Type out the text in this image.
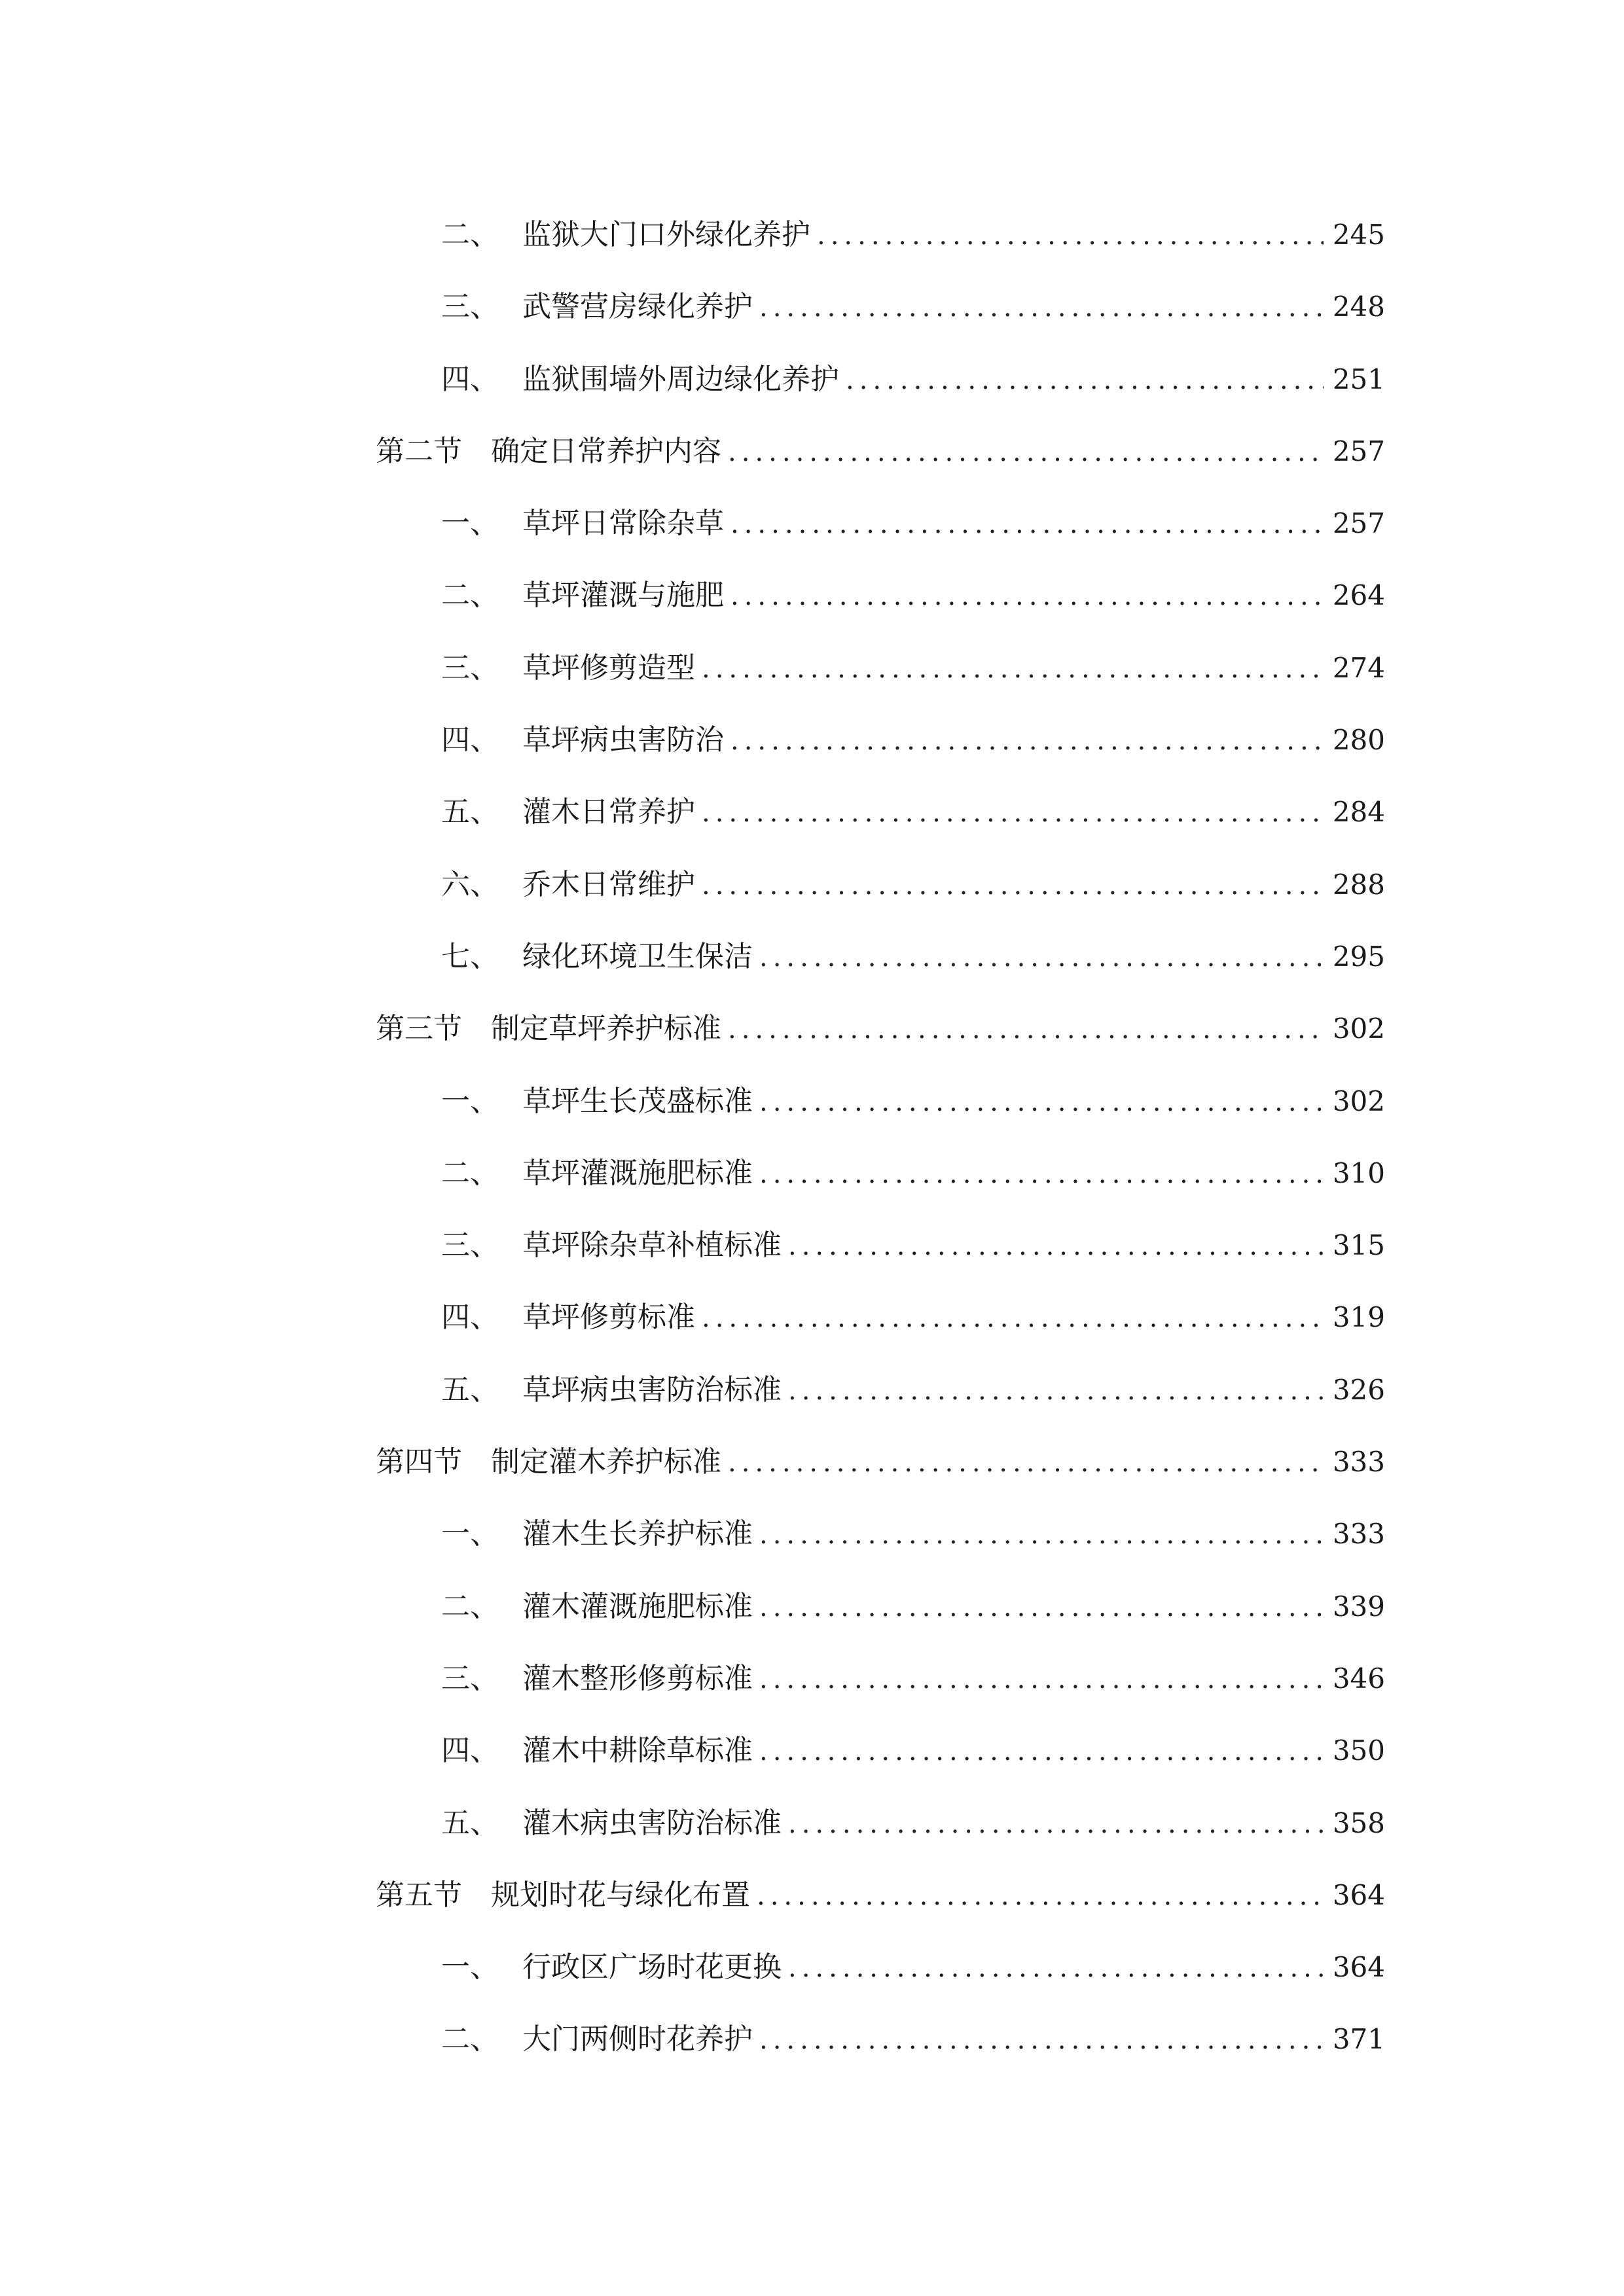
二、 监狱大门口外绿化养护 .....	245
三、 武警营房绿化养护 .....	248
四、 监狱围墙外周边绿化养护 .....	251
第二节	确定日常养护内容 .....	257
一、 草坪日常除杂草 .....	257
二、 草坪灌溉与施肥 .....	264
三、 草坪修剪造型 .....	274
四、 草坪病虫害防治 .....	280
五、 灌木日常养护 .....	284
六、 乔木日常维护 .....	288
七、 绿化环境卫生保洁 .....	295
第三节	制定草坪养护标准 .....	302
一、 草坪生长茂盛标准 .....	302
二、 草坪灌溉施肥标准 .....	310
三、 草坪除杂草补植标准 .....	315
四、 草坪修剪标准 .....	319
五、 草坪病虫害防治标准 .....	326
第四节	制定灌木养护标准 .....	333
一、 灌木生长养护标准 .....	333
二、 灌木灌溉施肥标准 .....	339
三、 灌木整形修剪标准 .....	346
四、 灌木中耕除草标准 .....	350
五、 灌木病虫害防治标准 .....	358
第五节	规划时花与绿化布置 .....	364
一、 行政区广场时花更换 .....	364
二、 大门两侧时花养护 .....	371
